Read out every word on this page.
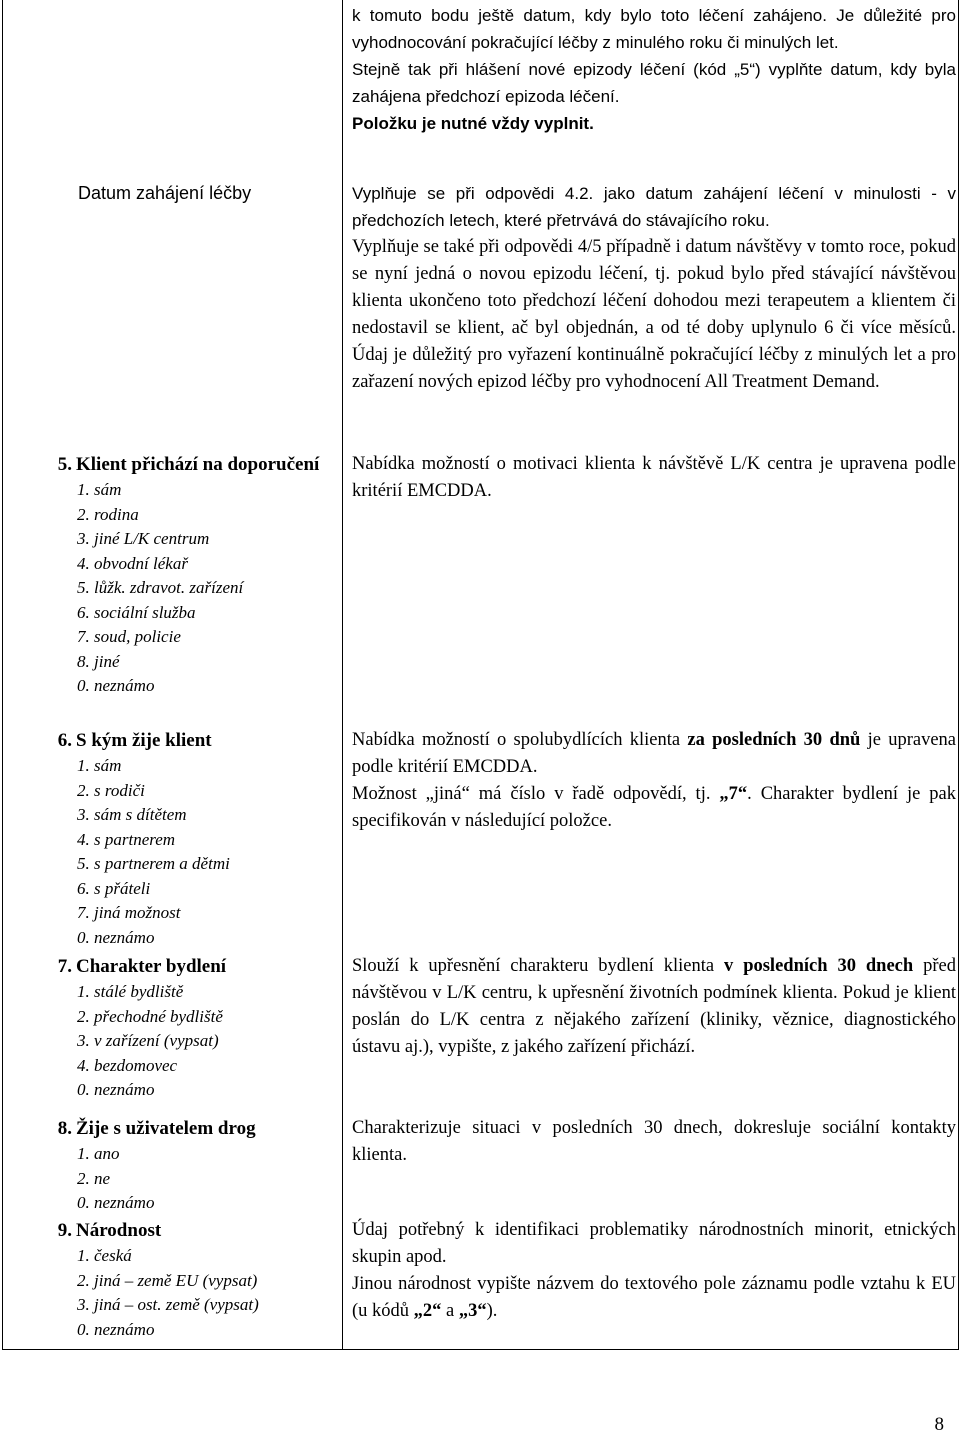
k tomuto bodu ještě datum, kdy bylo toto léčení zahájeno. Je důležité pro vyhodnocování pokračující léčby z minulého roku či minulých let.

Stejně tak při hlášení nové epizody léčení (kód „5“) vyplňte datum, kdy byla zahájena předchozí epizoda léčení.

Položku je nutné vždy vyplnit.

Datum zahájení léčby	Vyplňuje se při odpovědi 4.2. jako datum zahájení léčení v minulosti - v předchozích letech, které přetrvává do stávajícího roku.

Vyplňuje se také při odpovědi 4/5 případně i datum návštěvy v tomto roce, pokud se nyní jedná o novou epizodu léčení, tj. pokud bylo před stávající návštěvou klienta ukončeno toto předchozí léčení dohodou mezi terapeutem a klientem či nedostavil se klient, ač byl objednán, a od té doby uplynulo 6 či více měsíců. Údaj je důležitý pro vyřazení kontinuálně pokračující léčby z minulých let a pro zařazení nových epizod léčby pro vyhodnocení All Treatment Demand.

5. Klient přichází na doporučení
1. sám
2. rodina
3. jiné L/K centrum
4. obvodní lékař
5. lůžk. zdravot. zařízení
6. sociální služba
7. soud, policie
8. jiné
0. neznámo
Nabídka možností o motivaci klienta k návštěvě L/K centra je upravena podle kritérií EMCDDA.
6. S kým žije klient
1. sám
2. s rodiči
3. sám s dítětem
4. s partnerem
5. s partnerem a dětmi
6. s přáteli
7. jiná možnost
0. neznámo

Nabídka možností o spolubydlících klienta za posledních 30 dnů je upravena podle kritérií EMCDDA.

Možnost „jiná“ má číslo v řadě odpovědí, tj. „7“. Charakter bydlení je pak specifikován v následující položce.

7. Charakter bydlení
1. stálé bydliště
2. přechodné bydliště
3. v zařízení (vypsat)
4. bezdomovec
0. neznámo

Slouží k upřesnění charakteru bydlení klienta v posledních 30 dnech před návštěvou v L/K centru, k upřesnění životních podmínek klienta. Pokud je klient poslán do L/K centra z nějakého zařízení (kliniky, věznice, diagnostického ústavu aj.), vypište, z jakého zařízení přichází.

8. Žije s uživatelem drog
1. ano
2. ne
0. neznámo
Charakterizuje situaci v posledních 30 dnech, dokresluje sociální kontakty klienta.
9. Národnost
1. česká
2. jiná – země EU (vypsat)
3. jiná – ost. země (vypsat)
0. neznámo

Údaj potřebný k identifikaci problematiky národnostních minorit, etnických skupin apod.

Jinou národnost vypište názvem do textového pole záznamu podle vztahu k EU (u kódů „2“ a „3“).

8
